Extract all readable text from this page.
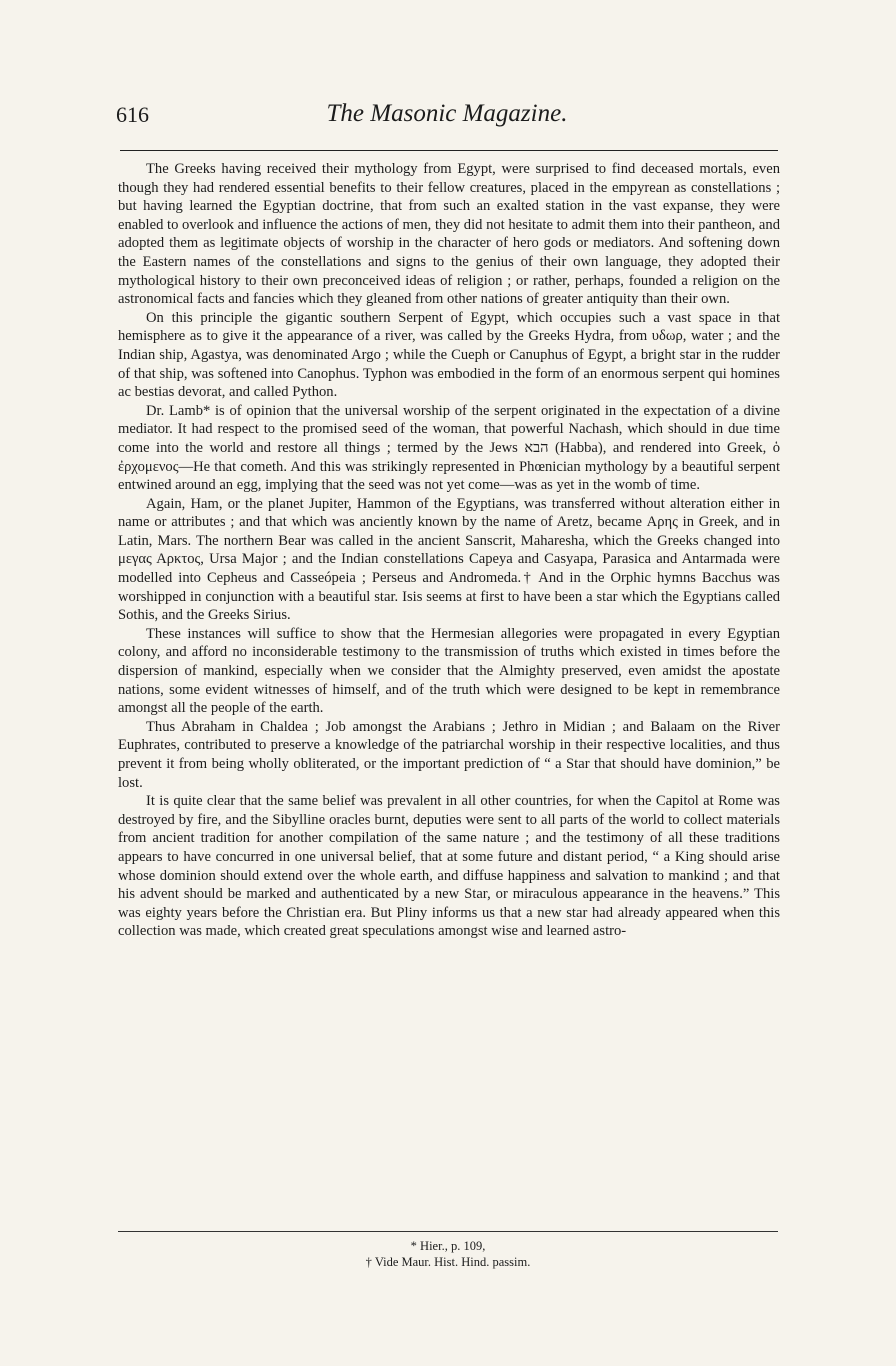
616	The Masonic Magazine.

The Greeks having received their mythology from Egypt, were surprised to find deceased mortals, even though they had rendered essential benefits to their fellow creatures, placed in the empyrean as constellations ; but having learned the Egyptian doctrine, that from such an exalted station in the vast expanse, they were enabled to overlook and influence the actions of men, they did not hesitate to admit them into their pantheon, and adopted them as legitimate objects of worship in the character of hero gods or mediators. And softening down the Eastern names of the constellations and signs to the genius of their own language, they adopted their mythological history to their own preconceived ideas of religion ; or rather, perhaps, founded a religion on the astronomical facts and fancies which they gleaned from other nations of greater antiquity than their own.

On this principle the gigantic southern Serpent of Egypt, which occupies such a vast space in that hemisphere as to give it the appearance of a river, was called by the Greeks Hydra, from υδωρ, water ; and the Indian ship, Agastya, was denominated Argo ; while the Cueph or Canuphus of Egypt, a bright star in the rudder of that ship, was softened into Canophus. Typhon was embodied in the form of an enormous serpent qui homines ac bestias devorat, and called Python.

Dr. Lamb* is of opinion that the universal worship of the serpent originated in the expectation of a divine mediator. It had respect to the promised seed of the woman, that powerful Nachash, which should in due time come into the world and restore all things ; termed by the Jews הבא (Habba), and rendered into Greek, ὁ ἐρχομενος—He that cometh. And this was strikingly represented in Phœnician mythology by a beautiful serpent entwined around an egg, implying that the seed was not yet come—was as yet in the womb of time.

Again, Ham, or the planet Jupiter, Hammon of the Egyptians, was transferred without alteration either in name or attributes ; and that which was anciently known by the name of Aretz, became Αρης in Greek, and in Latin, Mars. The northern Bear was called in the ancient Sanscrit, Maharesha, which the Greeks changed into μεγας Αρκτος, Ursa Major ; and the Indian constellations Capeya and Casyapa, Parasica and Antarmada were modelled into Cepheus and Casseópeia ; Perseus and Andromeda.† And in the Orphic hymns Bacchus was worshipped in conjunction with a beautiful star. Isis seems at first to have been a star which the Egyptians called Sothis, and the Greeks Sirius.

These instances will suffice to show that the Hermesian allegories were propagated in every Egyptian colony, and afford no inconsiderable testimony to the transmission of truths which existed in times before the dispersion of mankind, especially when we consider that the Almighty preserved, even amidst the apostate nations, some evident witnesses of himself, and of the truth which were designed to be kept in remembrance amongst all the people of the earth.

Thus Abraham in Chaldea ; Job amongst the Arabians ; Jethro in Midian ; and Balaam on the River Euphrates, contributed to preserve a knowledge of the patriarchal worship in their respective localities, and thus prevent it from being wholly obliterated, or the important prediction of “ a Star that should have dominion,” be lost.

It is quite clear that the same belief was prevalent in all other countries, for when the Capitol at Rome was destroyed by fire, and the Sibylline oracles burnt, deputies were sent to all parts of the world to collect materials from ancient tradition for another compilation of the same nature ; and the testimony of all these traditions appears to have concurred in one universal belief, that at some future and distant period, “ a King should arise whose dominion should extend over the whole earth, and diffuse happiness and salvation to mankind ; and that his advent should be marked and authenticated by a new Star, or miraculous appearance in the heavens.” This was eighty years before the Christian era. But Pliny informs us that a new star had already appeared when this collection was made, which created great speculations amongst wise and learned astro-

* Hier., p. 109,
† Vide Maur. Hist. Hind. passim.
